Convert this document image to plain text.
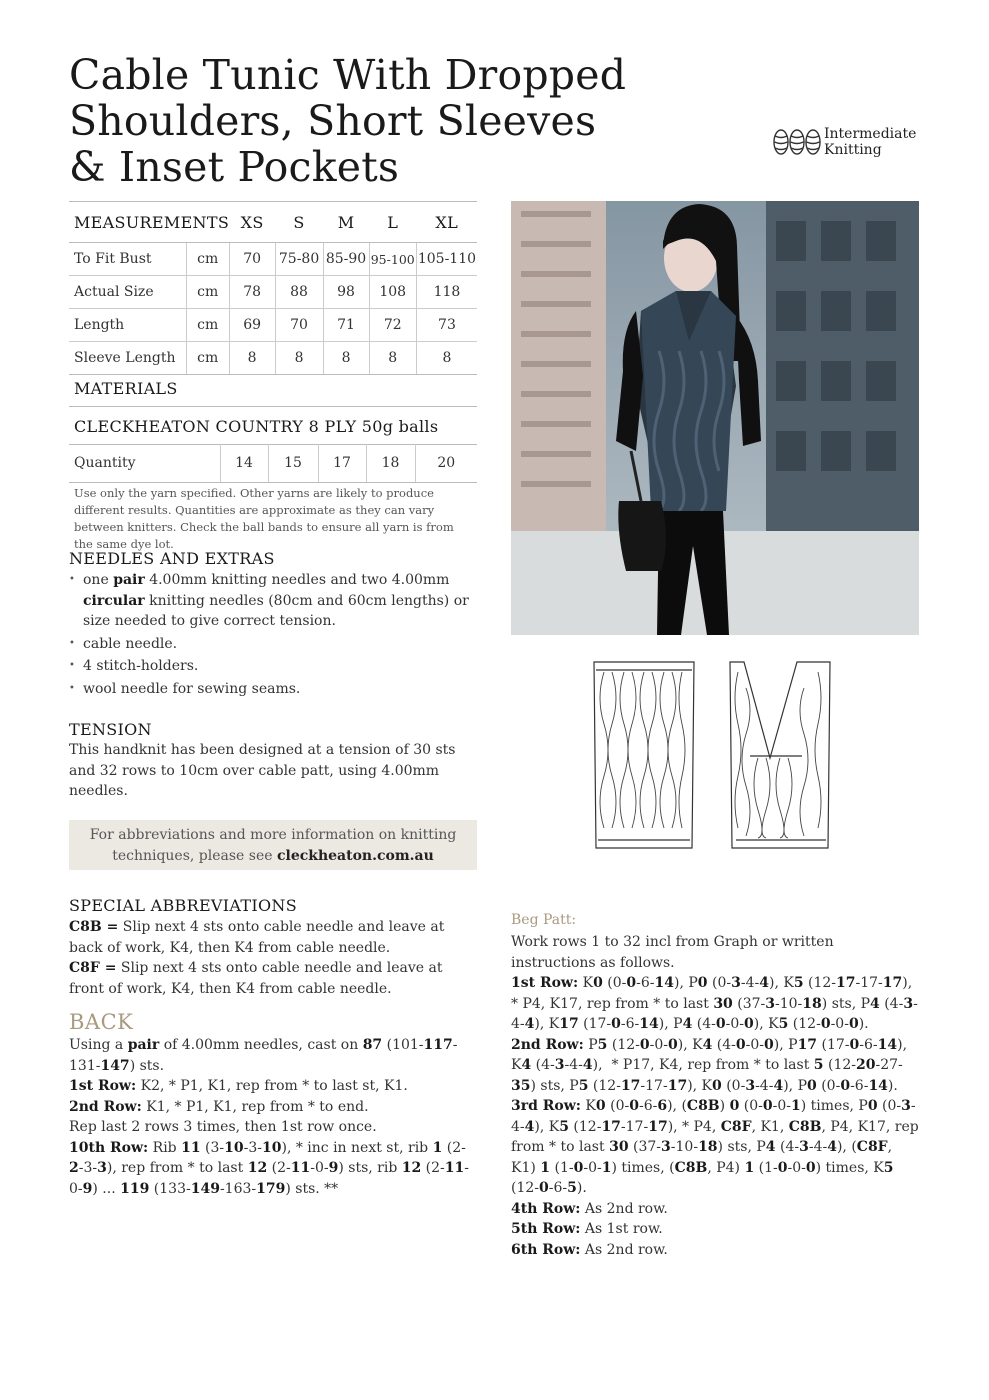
Cable Tunic With Dropped Shoulders, Short Sleeves & Inset Pockets
Intermediate
Knitting
MEASUREMENTS		XS	S	M	L	XL
To Fit Bust	cm	70	75-80	85-90	95-100	105-110
Actual Size	cm	78	88	98	108	118
Length	cm	69	70	71	72	73
Sleeve Length	cm	8	8	8	8	8
MATERIALS
CLECKHEATON COUNTRY 8 PLY 50g balls
Quantity	14	15	17	18	20
Use only the yarn specified. Other yarns are likely to produce different results. Quantities are approximate as they can vary between knitters. Check the ball bands to ensure all yarn is from the same dye lot.
NEEDLES AND EXTRAS
• one pair 4.00mm knitting needles and two 4.00mm circular knitting needles (80cm and 60cm lengths) or size needed to give correct tension.
• cable needle.
• 4 stitch-holders.
• wool needle for sewing seams.
TENSION

This handknit has been designed at a tension of 30 sts and 32 rows to 10cm over cable patt, using 4.00mm needles.

For abbreviations and more information on knitting techniques, please see cleckheaton.com.au
SPECIAL ABBREVIATIONS

C8B = Slip next 4 sts onto cable needle and leave at back of work, K4, then K4 from cable needle.

C8F = Slip next 4 sts onto cable needle and leave at front of work, K4, then K4 from cable needle.

BACK

Using a pair of 4.00mm needles, cast on 87 (101-117-131-147) sts.

1st Row: K2, * P1, K1, rep from * to last st, K1.

2nd Row: K1, * P1, K1, rep from * to end.

Rep last 2 rows 3 times, then 1st row once.

10th Row: Rib 11 (3-10-3-10), * inc in next st, rib 1 (2-2-3-3), rep from * to last 12 (2-11-0-9) sts, rib 12 (2-11-0-9) ... 119 (133-149-163-179) sts. **

Beg Patt:

Work rows 1 to 32 incl from Graph or written instructions as follows.

1st Row: K0 (0-0-6-14), P0 (0-3-4-4), K5 (12-17-17-17), * P4, K17, rep from * to last 30 (37-3-10-18) sts, P4 (4-3-4-4), K17 (17-0-6-14), P4 (4-0-0-0), K5 (12-0-0-0).

2nd Row: P5 (12-0-0-0), K4 (4-0-0-0), P17 (17-0-6-14), K4 (4-3-4-4),  * P17, K4, rep from * to last 5 (12-20-27-35) sts, P5 (12-17-17-17), K0 (0-3-4-4), P0 (0-0-6-14).

3rd Row: K0 (0-0-6-6), (C8B) 0 (0-0-0-1) times, P0 (0-3-4-4), K5 (12-17-17-17), * P4, C8F, K1, C8B, P4, K17, rep from * to last 30 (37-3-10-18) sts, P4 (4-3-4-4), (C8F, K1) 1 (1-0-0-1) times, (C8B, P4) 1 (1-0-0-0) times, K5 (12-0-6-5).

4th Row: As 2nd row.

5th Row: As 1st row.

6th Row: As 2nd row.
